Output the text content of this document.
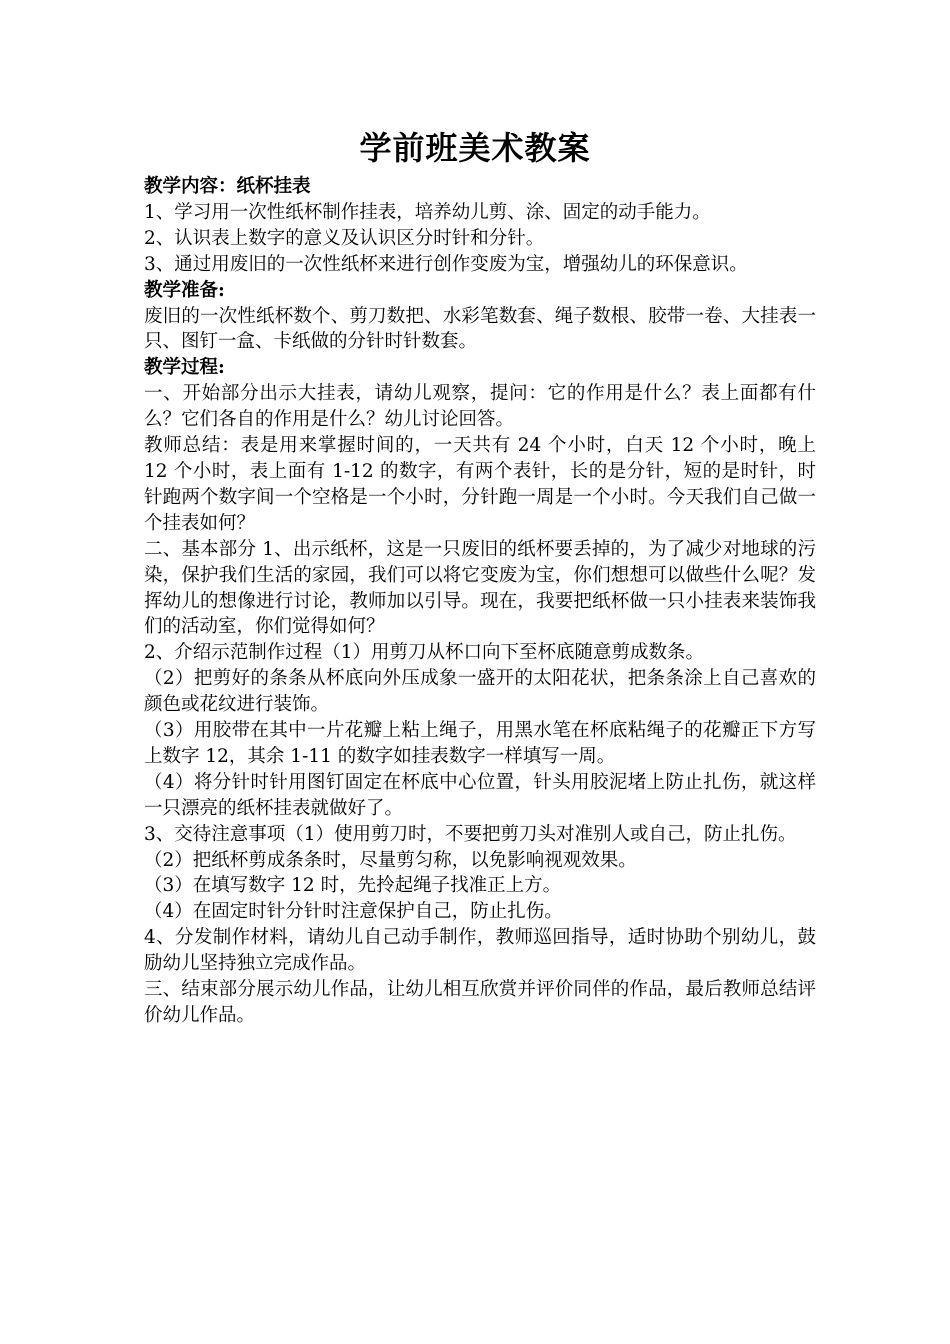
学前班美术教案

教学内容：纸杯挂表

1、学习用一次性纸杯制作挂表，培养幼儿剪、涂、固定的动手能力。

2、认识表上数字的意义及认识区分时针和分针。

3、通过用废旧的一次性纸杯来进行创作变废为宝，增强幼儿的环保意识。

教学准备:

废旧的一次性纸杯数个、剪刀数把、水彩笔数套、绳子数根、胶带一卷、大挂表一只、图钉一盒、卡纸做的分针时针数套。

教学过程:

一、开始部分出示大挂表，请幼儿观察，提问：它的作用是什么？表上面都有什么？它们各自的作用是什么？幼儿讨论回答。

教师总结：表是用来掌握时间的，一天共有 24 个小时，白天 12 个小时，晚上 12 个小时，表上面有 1-12 的数字，有两个表针，长的是分针，短的是时针，时针跑两个数字间一个空格是一个小时，分针跑一周是一个小时。今天我们自己做一个挂表如何？

二、基本部分 1、出示纸杯，这是一只废旧的纸杯要丢掉的，为了减少对地球的污染，保护我们生活的家园，我们可以将它变废为宝，你们想想可以做些什么呢？发挥幼儿的想像进行讨论，教师加以引导。现在，我要把纸杯做一只小挂表来装饰我们的活动室，你们觉得如何？

2、介绍示范制作过程（1）用剪刀从杯口向下至杯底随意剪成数条。

（2）把剪好的条条从杯底向外压成象一盛开的太阳花状，把条条涂上自己喜欢的颜色或花纹进行装饰。

（3）用胶带在其中一片花瓣上粘上绳子，用黑水笔在杯底粘绳子的花瓣正下方写上数字 12，其余 1-11 的数字如挂表数字一样填写一周。

（4）将分针时针用图钉固定在杯底中心位置，针头用胶泥堵上防止扎伤，就这样一只漂亮的纸杯挂表就做好了。

3、交待注意事项（1）使用剪刀时，不要把剪刀头对准别人或自己，防止扎伤。

（2）把纸杯剪成条条时，尽量剪匀称，以免影响视观效果。

（3）在填写数字 12 时，先拎起绳子找准正上方。

（4）在固定时针分针时注意保护自己，防止扎伤。

4、分发制作材料，请幼儿自己动手制作，教师巡回指导，适时协助个别幼儿，鼓励幼儿坚持独立完成作品。

三、结束部分展示幼儿作品，让幼儿相互欣赏并评价同伴的作品，最后教师总结评价幼儿作品。
